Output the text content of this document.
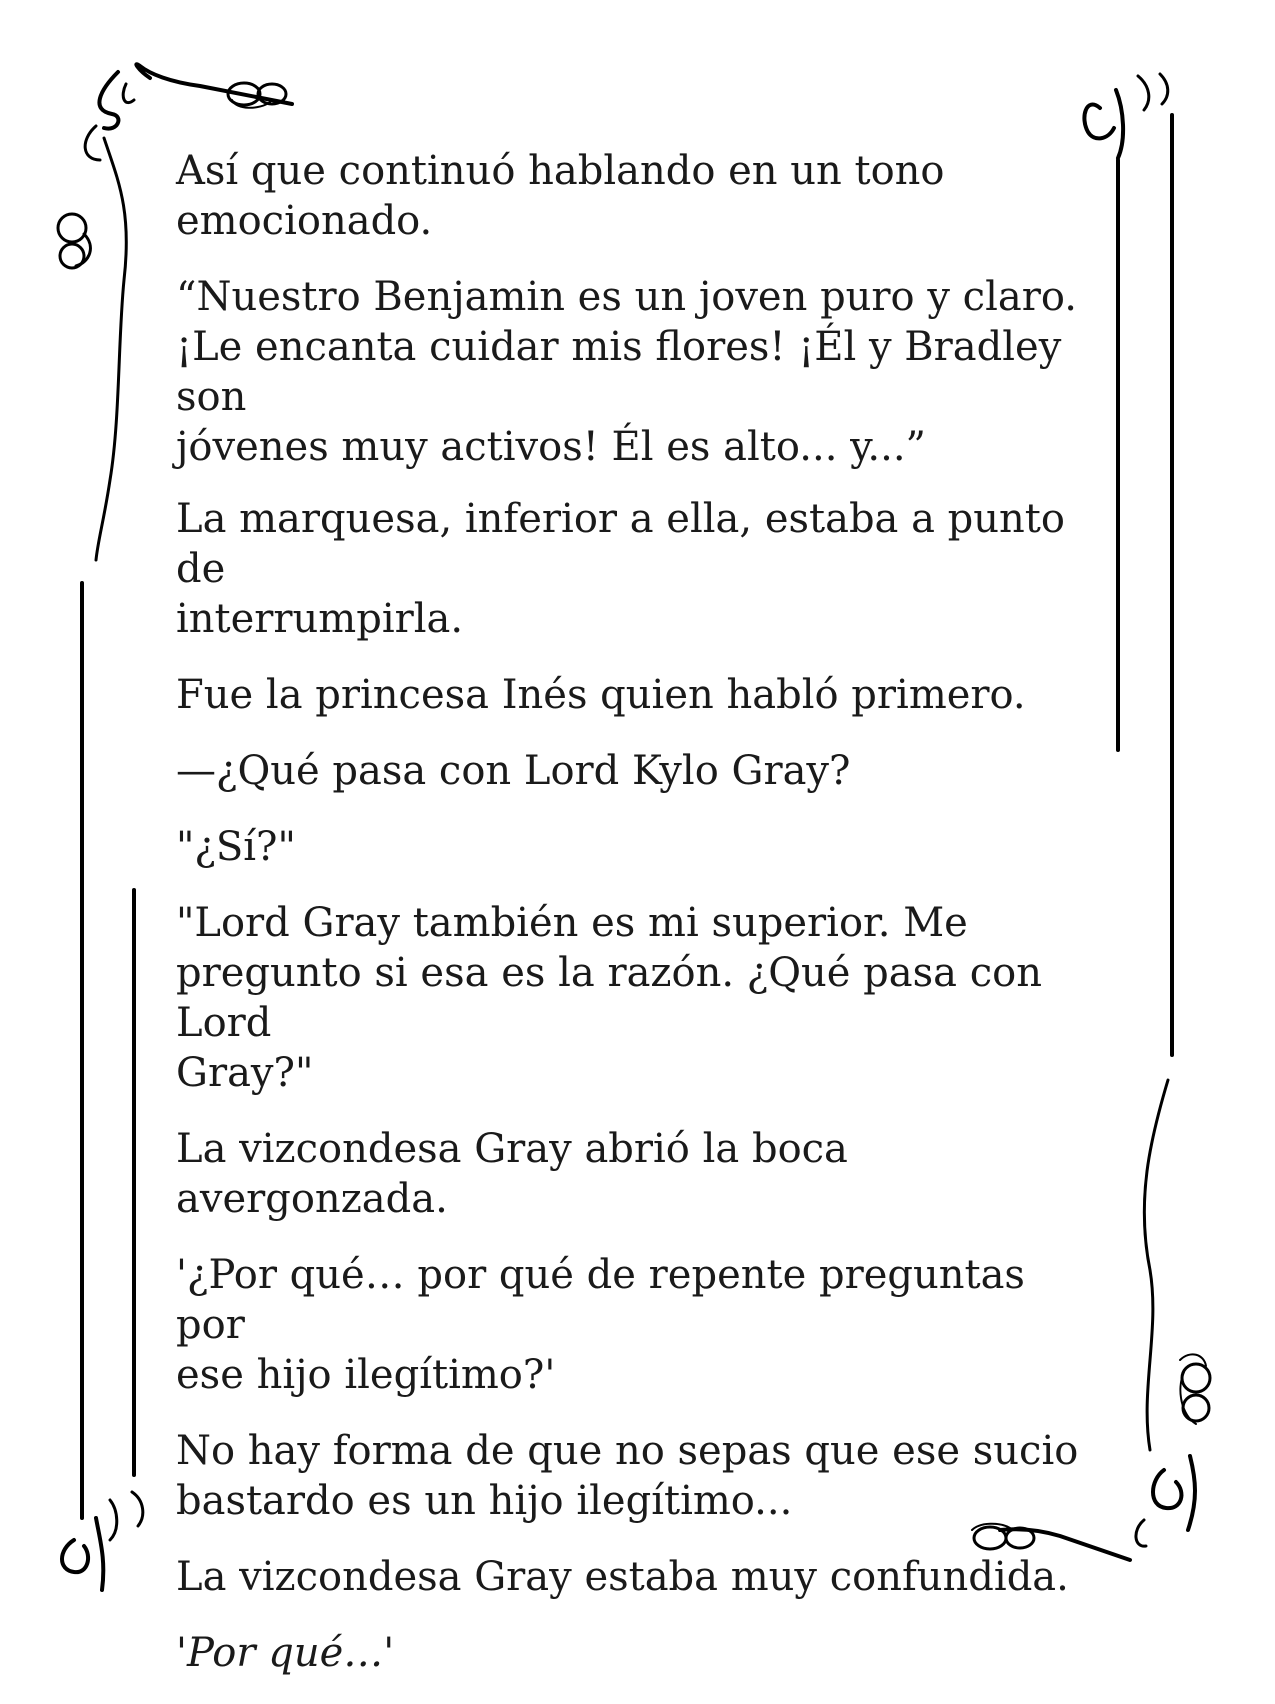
Así que continuó hablando en un tono
emocionado.

“Nuestro Benjamin es un joven puro y claro.
¡Le encanta cuidar mis flores! ¡Él y Bradley son
jóvenes muy activos! Él es alto... y...”

La marquesa, inferior a ella, estaba a punto de
interrumpirla.

Fue la princesa Inés quien habló primero.

—¿Qué pasa con Lord Kylo Gray?

"¿Sí?"

"Lord Gray también es mi superior. Me
pregunto si esa es la razón. ¿Qué pasa con Lord
Gray?"

La vizcondesa Gray abrió la boca avergonzada.

'¿Por qué… por qué de repente preguntas por
ese hijo ilegítimo?'

No hay forma de que no sepas que ese sucio
bastardo es un hijo ilegítimo...

La vizcondesa Gray estaba muy confundida.

'Por qué…'
